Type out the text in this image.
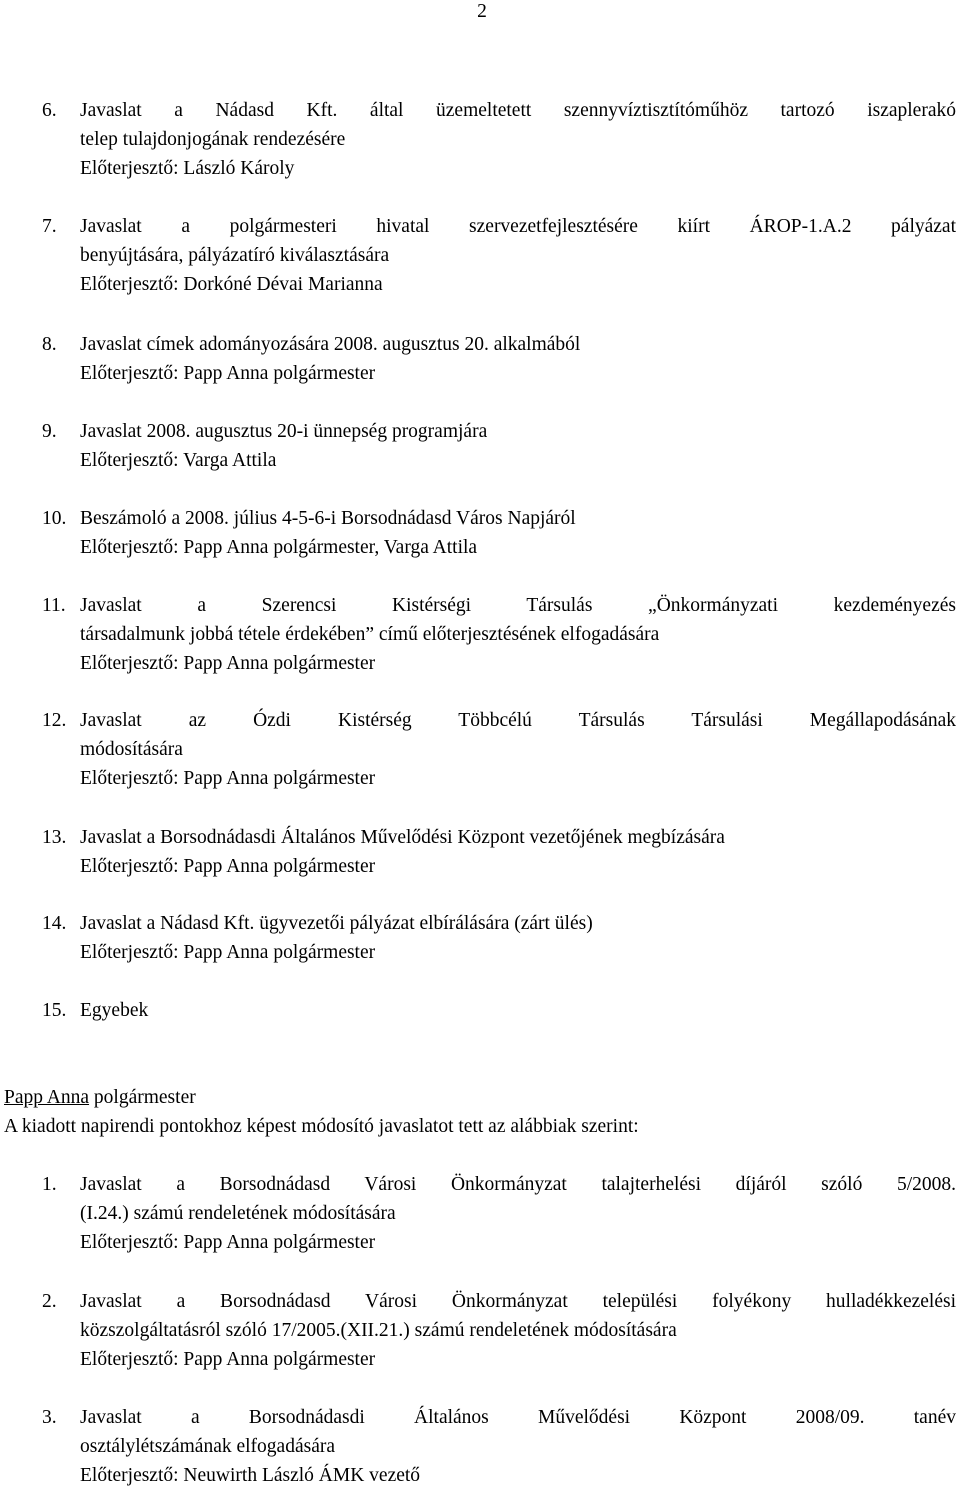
2
6. Javaslat a Nádasd Kft. által üzemeltetett szennyvíztisztítóműhöz tartozó iszaplerakó
telep tulajdonjogának rendezésére
Előterjesztő: László Károly
7. Javaslat a polgármesteri hivatal szervezetfejlesztésére kiírt ÁROP-1.A.2 pályázat
benyújtására, pályázatíró kiválasztására
Előterjesztő: Dorkóné Dévai Marianna
8. Javaslat címek adományozására 2008. augusztus 20. alkalmából
Előterjesztő: Papp Anna polgármester
9. Javaslat 2008. augusztus 20-i ünnepség programjára
Előterjesztő: Varga Attila
10. Beszámoló a 2008. július 4-5-6-i Borsodnádasd Város Napjáról
Előterjesztő: Papp Anna polgármester, Varga Attila
11. Javaslat a Szerencsi Kistérségi Társulás „Önkormányzati kezdeményezés
társadalmunk jobbá tétele érdekében” című előterjesztésének elfogadására
Előterjesztő: Papp Anna polgármester
12. Javaslat az Ózdi Kistérség Többcélú Társulás Társulási Megállapodásának
módosítására
Előterjesztő: Papp Anna polgármester
13. Javaslat a Borsodnádasdi Általános Művelődési Központ vezetőjének megbízására
Előterjesztő: Papp Anna polgármester
14. Javaslat a Nádasd Kft. ügyvezetői pályázat elbírálására (zárt ülés)
Előterjesztő: Papp Anna polgármester
15. Egyebek
Papp Anna polgármester
A kiadott napirendi pontokhoz képest módosító javaslatot tett az alábbiak szerint:
1. Javaslat a Borsodnádasd Városi Önkormányzat talajterhelési díjáról szóló 5/2008.
(I.24.) számú rendeletének módosítására
Előterjesztő: Papp Anna polgármester
2. Javaslat a Borsodnádasd Városi Önkormányzat települési folyékony hulladékkezelési
közszolgáltatásról szóló 17/2005.(XII.21.) számú rendeletének módosítására
Előterjesztő: Papp Anna polgármester
3. Javaslat a Borsodnádasdi Általános Művelődési Központ 2008/09. tanév
osztálylétszámának elfogadására
Előterjesztő: Neuwirth László ÁMK vezető
